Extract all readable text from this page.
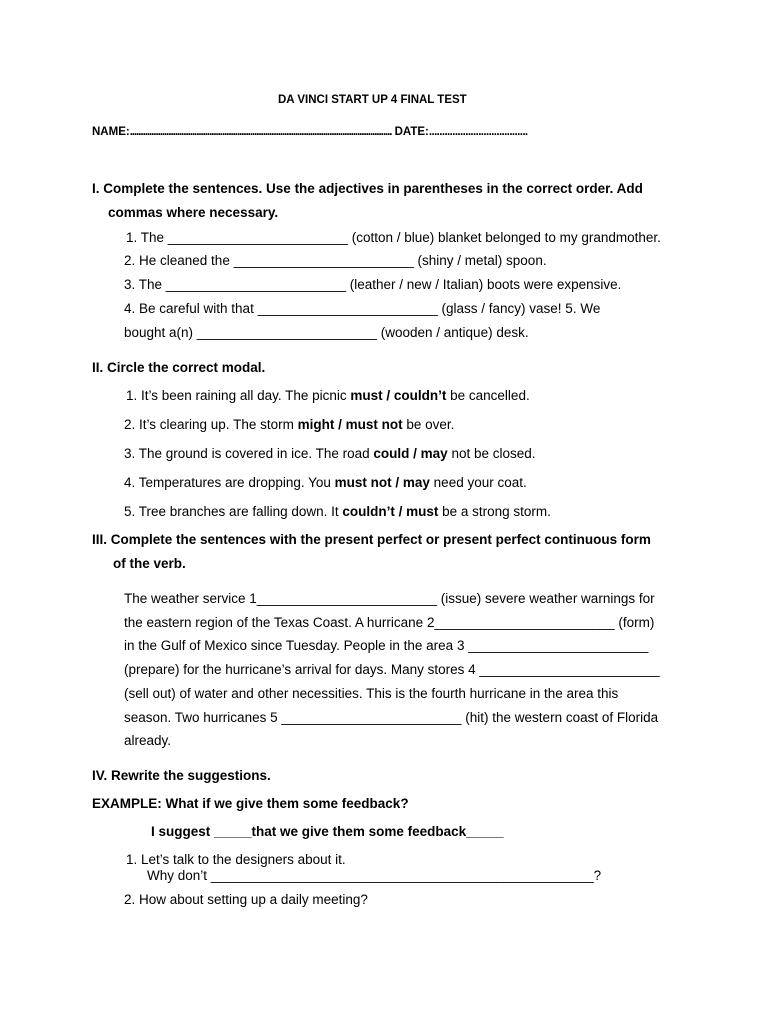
DA VINCI START UP 4 FINAL TEST
NAME:.......................................................................................................................... DATE:......................................
I. Complete the sentences. Use the adjectives in parentheses in the correct order. Add
commas where necessary.
1. The ________________________ (cotton / blue) blanket belonged to my grandmother.
2. He cleaned the ________________________ (shiny / metal) spoon.
3. The ________________________ (leather / new / Italian) boots were expensive.
4. Be careful with that ________________________ (glass / fancy) vase! 5. We
bought a(n) ________________________ (wooden / antique) desk.
II. Circle the correct modal.
1. It’s been raining all day. The picnic must / couldn’t be cancelled.
2. It’s clearing up. The storm might / must not be over.
3. The ground is covered in ice. The road could / may not be closed.
4. Temperatures are dropping. You must not / may need your coat.
5. Tree branches are falling down. It couldn’t / must be a strong storm.
III. Complete the sentences with the present perfect or present perfect continuous form
of the verb.
The weather service 1________________________ (issue) severe weather warnings for
the eastern region of the Texas Coast. A hurricane 2________________________ (form)
in the Gulf of Mexico since Tuesday. People in the area 3 ________________________
(prepare) for the hurricane’s arrival for days. Many stores 4 ________________________
(sell out) of water and other necessities. This is the fourth hurricane in the area this
season. Two hurricanes 5 ________________________ (hit) the western coast of Florida
already.
IV. Rewrite the suggestions.
EXAMPLE: What if we give them some feedback?
I suggest _____that we give them some feedback_____
1. Let’s talk to the designers about it.
Why don’t ___________________________________________________?
2. How about setting up a daily meeting?
